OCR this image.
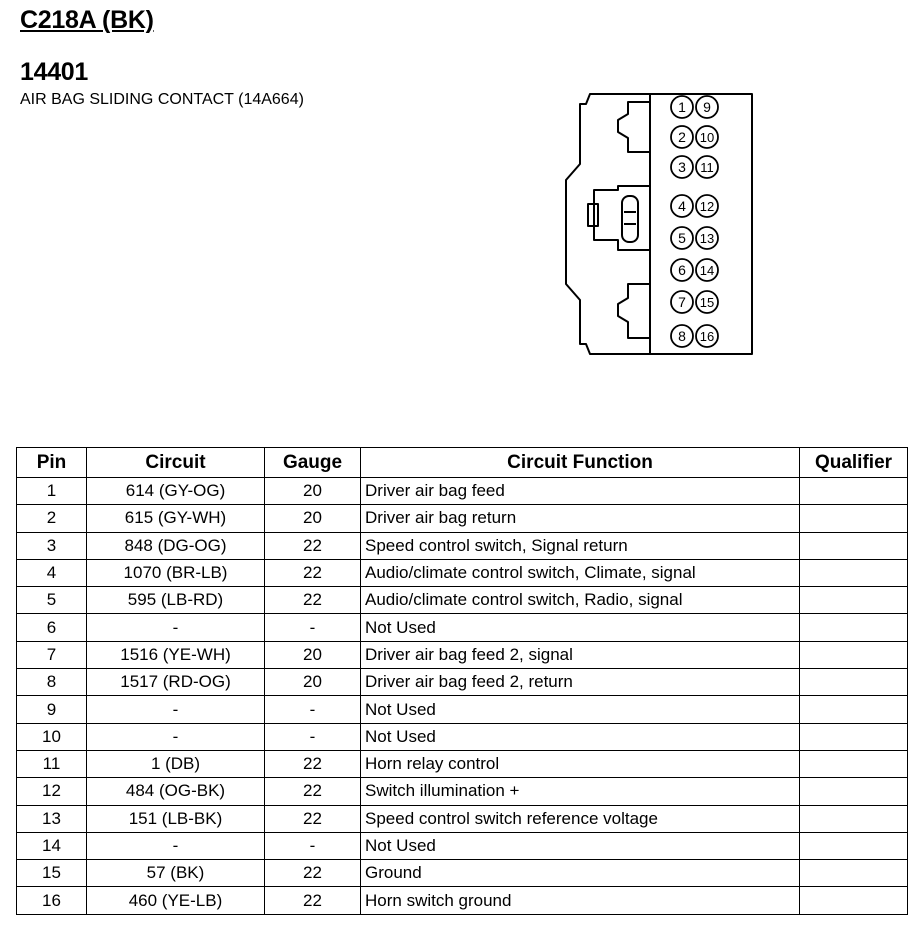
C218A (BK)
14401
AIR BAG SLIDING CONTACT (14A664)	1 9
2 10
3 11
4 12
5 13
6 14
7 15
8 16
Pin	Circuit	Gauge	Circuit Function	Qualifier
1	614 (GY-OG)	20	Driver air bag feed	
2	615 (GY-WH)	20	Driver air bag return	
3	848 (DG-OG)	22	Speed control switch, Signal return	
4	1070 (BR-LB)	22	Audio/climate control switch, Climate, signal	
5	595 (LB-RD)	22	Audio/climate control switch, Radio, signal	
6	-	-	Not Used	
7	1516 (YE-WH)	20	Driver air bag feed 2, signal	
8	1517 (RD-OG)	20	Driver air bag feed 2, return	
9	-	-	Not Used	
10	-	-	Not Used	
11	1 (DB)	22	Horn relay control	
12	484 (OG-BK)	22	Switch illumination +	
13	151 (LB-BK)	22	Speed control switch reference voltage	
14	-	-	Not Used	
15	57 (BK)	22	Ground	
16	460 (YE-LB)	22	Horn switch ground	
